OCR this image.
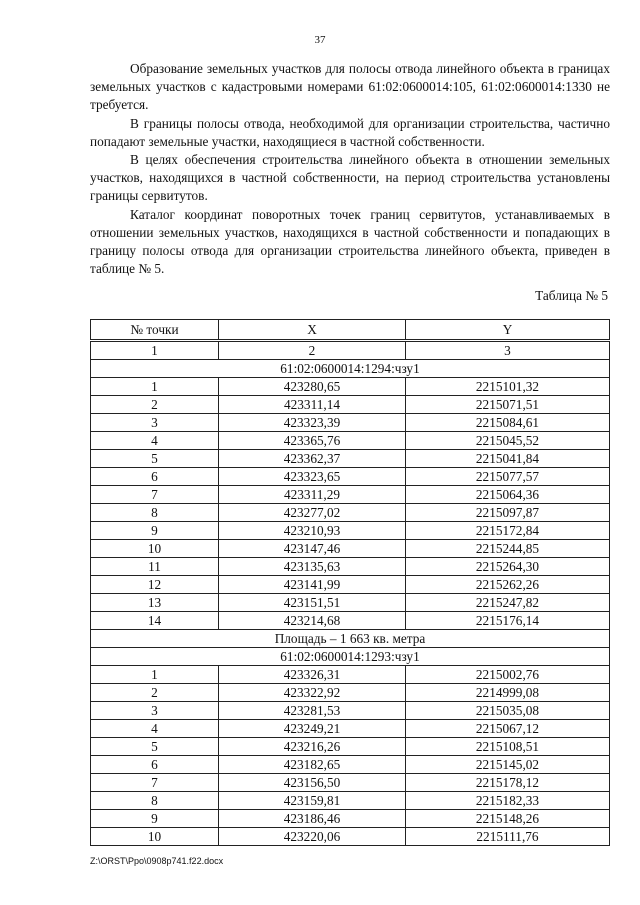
37

Образование земельных участков для полосы отвода линейного объекта в границах земельных участков с кадастровыми номерами 61:02:0600014:105, 61:02:0600014:1330 не требуется.

В границы полосы отвода, необходимой для организации строительства, частично попадают земельные участки, находящиеся в частной собственности.

В целях обеспечения строительства линейного объекта в отношении земельных участков, находящихся в частной собственности, на период строительства установлены границы сервитутов.

Каталог координат поворотных точек границ сервитутов, устанавливаемых в отношении земельных участков, находящихся в частной собственности и попадающих в границу полосы отвода для организации строительства линейного объекта, приведен в таблице № 5.

Таблица № 5
№ точки	X	Y
1	2	3
61:02:0600014:1294:чзу1		
1	423280,65	2215101,32
2	423311,14	2215071,51
3	423323,39	2215084,61
4	423365,76	2215045,52
5	423362,37	2215041,84
6	423323,65	2215077,57
7	423311,29	2215064,36
8	423277,02	2215097,87
9	423210,93	2215172,84
10	423147,46	2215244,85
11	423135,63	2215264,30
12	423141,99	2215262,26
13	423151,51	2215247,82
14	423214,68	2215176,14
Площадь – 1 663 кв. метра		
61:02:0600014:1293:чзу1		
1	423326,31	2215002,76
2	423322,92	2214999,08
3	423281,53	2215035,08
4	423249,21	2215067,12
5	423216,26	2215108,51
6	423182,65	2215145,02
7	423156,50	2215178,12
8	423159,81	2215182,33
9	423186,46	2215148,26
10	423220,06	2215111,76
Z:\ORST\Ppo\0908p741.f22.docx
